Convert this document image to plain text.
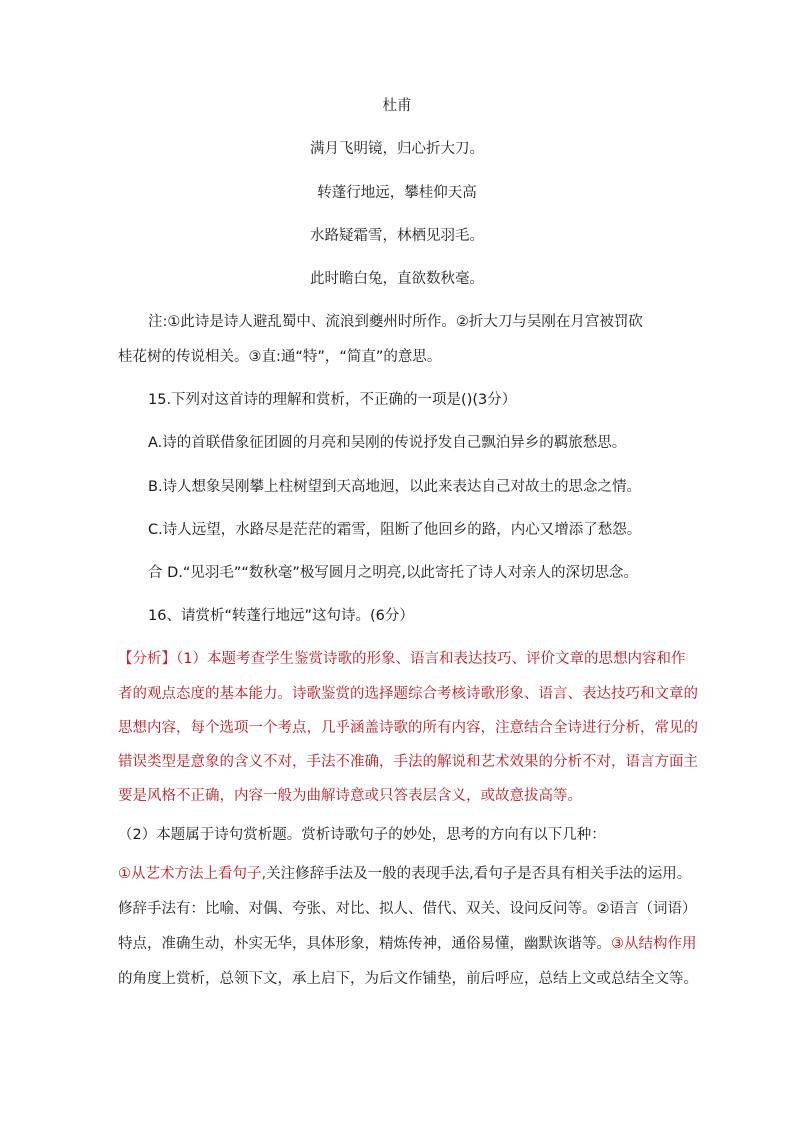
杜甫
满月飞明镜，归心折大刀。
转蓬行地远，攀桂仰天高
水路疑霜雪，林栖见羽毛。
此时瞻白兔，直欲数秋毫。
注:①此诗是诗人避乱蜀中、流浪到夔州时所作。②折大刀与吴刚在月宫被罚砍
桂花树的传说相关。③直:通“特”，“简直”的意思。
15.下列对这首诗的理解和赏析，不正确的一项是()(3分）
A.诗的首联借象征团圆的月亮和吴刚的传说抒发自己飘泊异乡的羁旅愁思。
B.诗人想象吴刚攀上柱树望到天高地迥，以此来表达自己对故土的思念之情。
C.诗人远望，水路尽是茫茫的霜雪，阻断了他回乡的路，内心又增添了愁怨。
合 D.“见羽毛”“数秋毫”极写圆月之明亮,以此寄托了诗人对亲人的深切思念。
16、请赏析“转蓬行地远”这句诗。(6分）
【分析】（1）本题考查学生鉴赏诗歌的形象、语言和表达技巧、评价文章的思想内容和作
者的观点态度的基本能力。诗歌鉴赏的选择题综合考核诗歌形象、语言、表达技巧和文章的
思想内容，每个选项一个考点，几乎涵盖诗歌的所有内容，注意结合全诗进行分析，常见的
错误类型是意象的含义不对，手法不准确，手法的解说和艺术效果的分析不对，语言方面主
要是风格不正确，内容一般为曲解诗意或只答表层含义，或故意拔高等。
（2）本题属于诗句赏析题。赏析诗歌句子的妙处，思考的方向有以下几种：
①从艺术方法上看句子,关注修辞手法及一般的表现手法,看句子是否具有相关手法的运用。
修辞手法有：比喻、对偶、夸张、对比、拟人、借代、双关、设问反问等。②语言（词语）
特点，准确生动，朴实无华，具体形象，精炼传神，通俗易懂，幽默诙谐等。③从结构作用
的角度上赏析，总领下文，承上启下，为后文作铺垫，前后呼应，总结上文或总结全文等。
